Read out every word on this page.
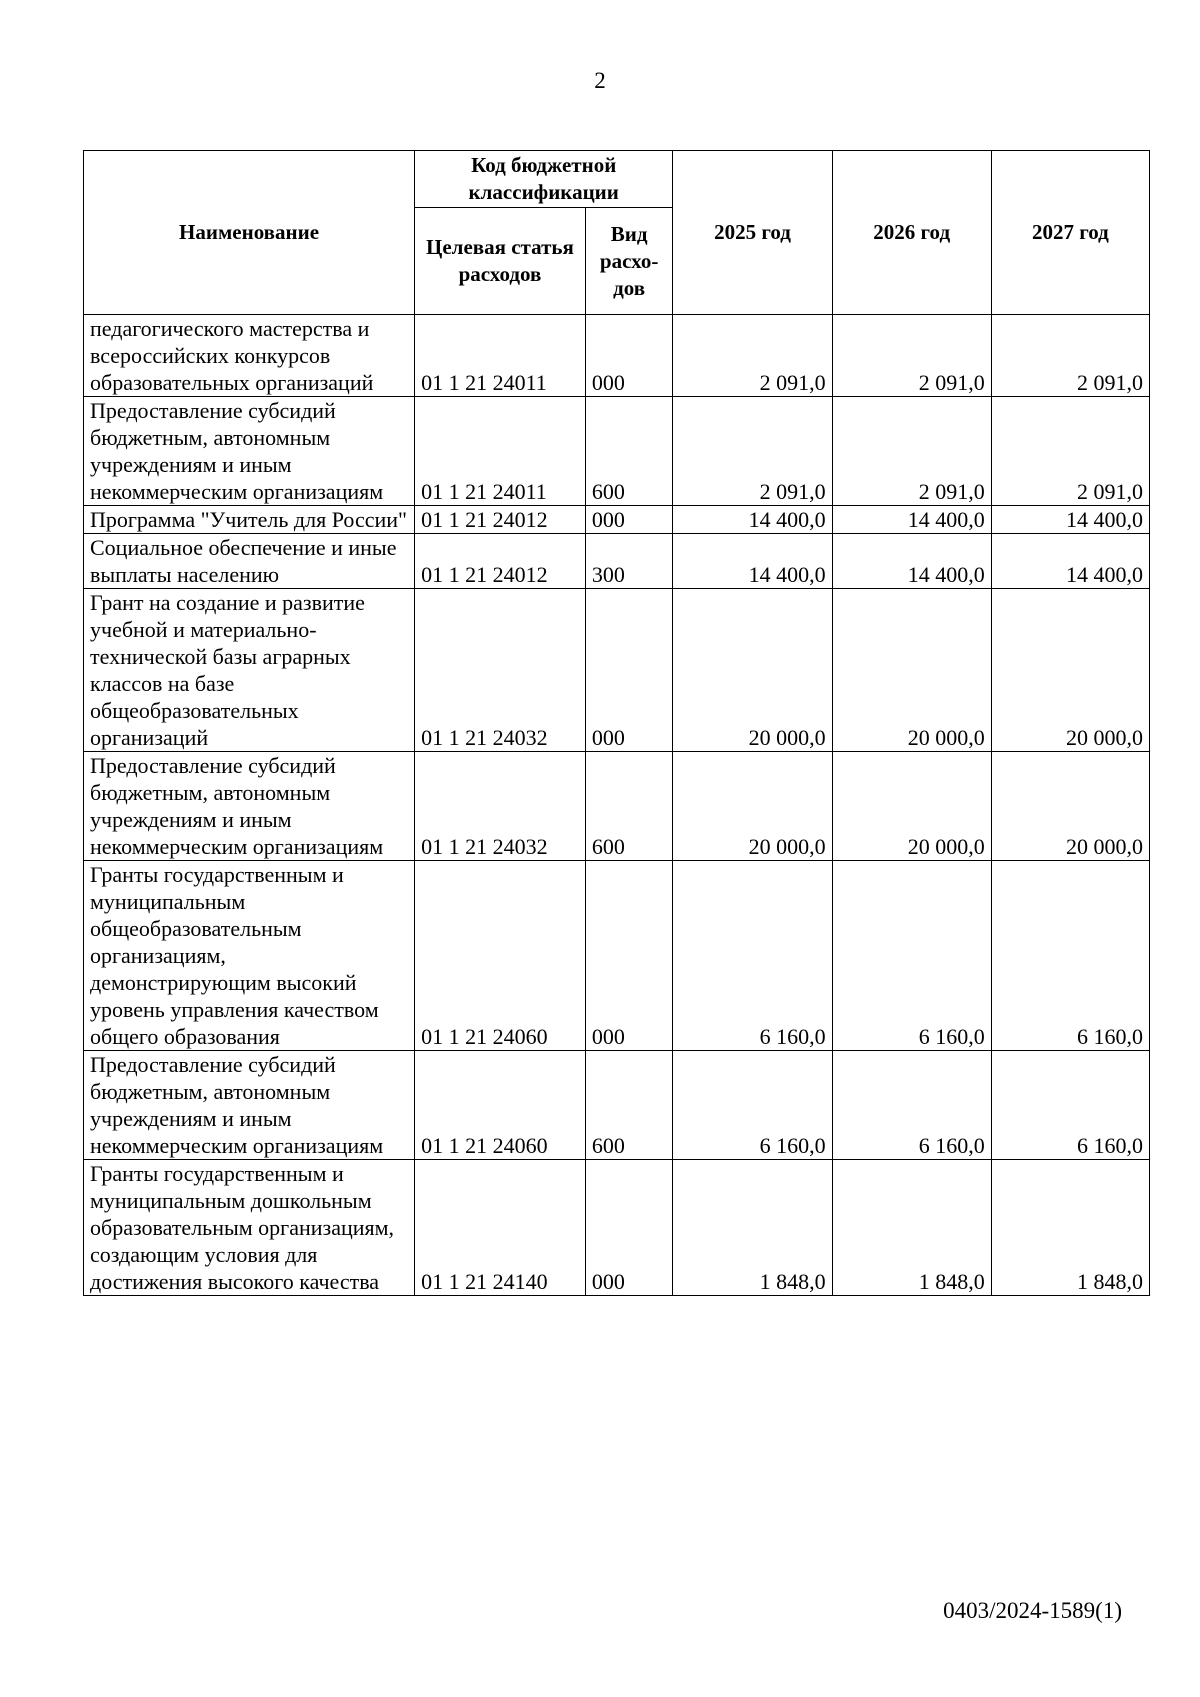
2
Наименование	Код бюджетной классификации		2025 год	2026 год	2027 год
	Целевая статья расходов	Вид расхо-дов			
педагогического мастерства и всероссийских конкурсов образовательных организаций	01 1 21 24011	000	2 091,0	2 091,0	2 091,0
Предоставление субсидий бюджетным, автономным учреждениям и иным некоммерческим организациям	01 1 21 24011	600	2 091,0	2 091,0	2 091,0
Программа "Учитель для России"	01 1 21 24012	000	14 400,0	14 400,0	14 400,0
Социальное обеспечение и иные выплаты населению	01 1 21 24012	300	14 400,0	14 400,0	14 400,0
Грант на создание и развитие учебной и материально-технической базы аграрных классов на базе общеобразовательных организаций	01 1 21 24032	000	20 000,0	20 000,0	20 000,0
Предоставление субсидий бюджетным, автономным учреждениям и иным некоммерческим организациям	01 1 21 24032	600	20 000,0	20 000,0	20 000,0
Гранты государственным и муниципальным общеобразовательным организациям, демонстрирующим высокий уровень управления качеством общего образования	01 1 21 24060	000	6 160,0	6 160,0	6 160,0
Предоставление субсидий бюджетным, автономным учреждениям и иным некоммерческим организациям	01 1 21 24060	600	6 160,0	6 160,0	6 160,0
Гранты государственным и муниципальным дошкольным образовательным организациям, создающим условия для достижения высокого качества	01 1 21 24140	000	1 848,0	1 848,0	1 848,0
0403/2024-1589(1)
